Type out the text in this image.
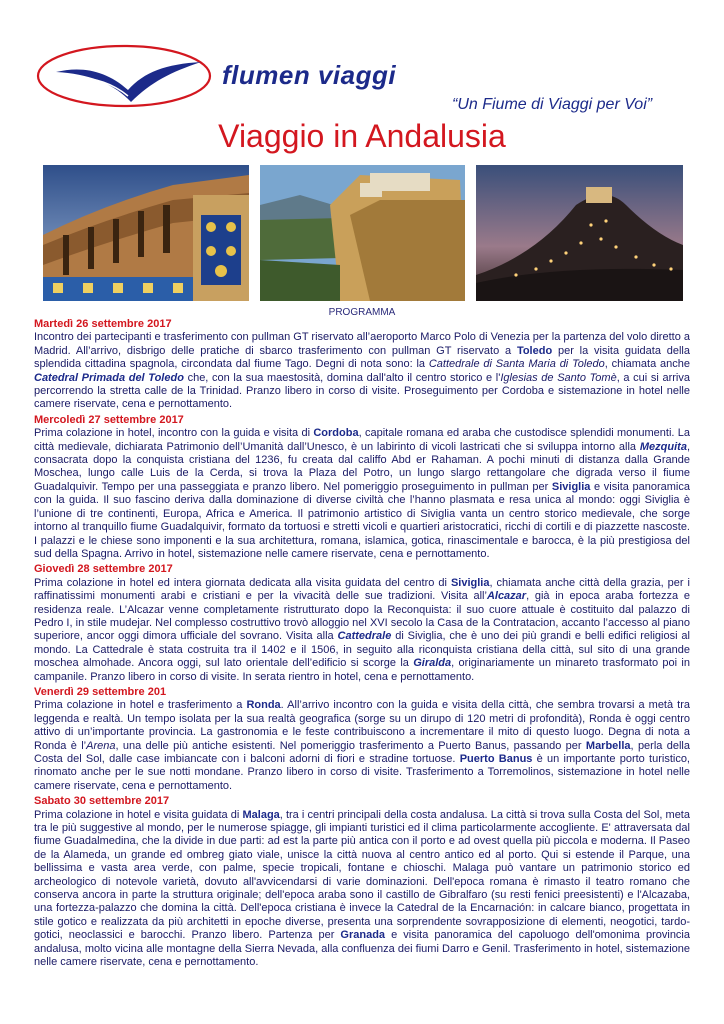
flumen viaggi
“Un Fiume di Viaggi per Voi”
Viaggio in Andalusia
PROGRAMMA
Martedì 26 settembre 2017

Incontro dei partecipanti e trasferimento con pullman GT riservato all’aeroporto Marco Polo di Venezia per la partenza del volo diretto a Madrid. All’arrivo, disbrigo delle pratiche di sbarco trasferimento con pullman GT riservato a Toledo per la visita guidata della splendida cittadina spagnola, circondata dal fiume Tago. Degni di nota sono: la Cattedrale di Santa Maria di Toledo, chiamata anche Catedral Primada del Toledo che, con la sua maestosità, domina dall'alto il centro storico e l'Iglesias de Santo Tomè, a cui si arriva percorrendo la stretta calle de la Trinidad. Pranzo libero in corso di visite. Proseguimento per Cordoba e sistemazione in hotel nelle camere riservate, cena e pernottamento.

Mercoledì 27 settembre 2017

Prima colazione in hotel, incontro con la guida e visita di Cordoba, capitale romana ed araba che custodisce splendidi monumenti. La città medievale, dichiarata Patrimonio dell’Umanità dall’Unesco, è un labirinto di vicoli lastricati che si sviluppa intorno alla Mezquita, consacrata dopo la conquista cristiana del 1236, fu creata dal califfo Abd er Rahaman. A pochi minuti di distanza dalla Grande Moschea, lungo calle Luis de la Cerda, si trova la Plaza del Potro, un lungo slargo rettangolare che digrada verso il fiume Guadalquivir. Tempo per una passeggiata e pranzo libero. Nel pomeriggio proseguimento in pullman per Siviglia e visita panoramica con la guida. Il suo fascino deriva dalla dominazione di diverse civiltà che l’hanno plasmata e resa unica al mondo: oggi Siviglia è l’unione di tre continenti, Europa, Africa e America. Il patrimonio artistico di Siviglia vanta un centro storico medievale, che sorge intorno al tranquillo fiume Guadalquivir, formato da tortuosi e stretti vicoli e quartieri aristocratici, ricchi di cortili e di piazzette nascoste. I palazzi e le chiese sono imponenti e la sua architettura, romana, islamica, gotica, rinascimentale e barocca, è la più prestigiosa del sud della Spagna. Arrivo in hotel, sistemazione nelle camere riservate, cena e pernottamento.

Giovedì 28 settembre 2017

Prima colazione in hotel ed intera giornata dedicata alla visita guidata del centro di Siviglia, chiamata anche città della grazia, per i raffinatissimi monumenti arabi e cristiani e per la vivacità delle sue tradizioni. Visita all’Alcazar, già in epoca araba fortezza e residenza reale. L’Alcazar venne completamente ristrutturato dopo la Reconquista: il suo cuore attuale è costituito dal palazzo di Pedro I, in stile mudejar. Nel complesso costruttivo trovò alloggio nel XVI secolo la Casa de la Contratacion, accanto l’accesso al piano superiore, ancor oggi dimora ufficiale del sovrano. Visita alla Cattedrale di Siviglia, che è uno dei più grandi e belli edifici religiosi al mondo. La Cattedrale è stata costruita tra il 1402 e il 1506, in seguito alla riconquista cristiana della città, sul sito di una grande moschea almohade. Ancora oggi, sul lato orientale dell’edificio si scorge la Giralda, originariamente un minareto trasformato poi in campanile. Pranzo libero in corso di visite. In serata rientro in hotel, cena e pernottamento.

Venerdì 29 settembre 201

Prima colazione in hotel e trasferimento a Ronda. All’arrivo incontro con la guida e visita della città, che sembra trovarsi a metà tra leggenda e realtà. Un tempo isolata per la sua realtà geografica (sorge su un dirupo di 120 metri di profondità), Ronda è oggi centro attivo di un’importante provincia. La gastronomia e le feste contribuiscono a incrementare il mito di questo luogo. Degna di nota a Ronda è l’Arena, una delle più antiche esistenti. Nel pomeriggio trasferimento a Puerto Banus, passando per Marbella, perla della Costa del Sol, dalle case imbiancate con i balconi adorni di fiori e stradine tortuose. Puerto Banus è un importante porto turistico, rinomato anche per le sue notti mondane. Pranzo libero in corso di visite. Trasferimento a Torremolinos, sistemazione in hotel nelle camere riservate, cena e pernottamento.

Sabato 30 settembre 2017

Prima colazione in hotel e visita guidata di Malaga, tra i centri principali della costa andalusa. La città si trova sulla Costa del Sol, meta tra le più suggestive al mondo, per le numerose spiagge, gli impianti turistici ed il clima particolarmente accogliente. E' attraversata dal fiume Guadalmedina, che la divide in due parti: ad est la parte più antica con il porto e ad ovest quella più piccola e moderna. Il Paseo de la Alameda, un grande ed ombreg giato viale, unisce la città nuova al centro antico ed al porto. Qui si estende il Parque, una bellissima e vasta area verde, con palme, specie tropicali, fontane e chioschi. Malaga può vantare un patrimonio storico ed archeologico di notevole varietà, dovuto all'avvicendarsi di varie dominazioni. Dell'epoca romana è rimasto il teatro romano che conserva ancora in parte la struttura originale; dell'epoca araba sono il castillo de Gibralfaro (su resti fenici preesistenti) e l'Alcazaba, una fortezza-palazzo che domina la città. Dell'epoca cristiana è invece la Catedral de la Encarnación: in calcare bianco, progettata in stile gotico e realizzata da più architetti in epoche diverse, presenta una sorprendente sovrapposizione di elementi, neogotici, tardo-gotici, neoclassici e barocchi. Pranzo libero. Partenza per Granada e visita panoramica del capoluogo dell'omonima provincia andalusa, molto vicina alle montagne della Sierra Nevada, alla confluenza dei fiumi Darro e Genil. Trasferimento in hotel, sistemazione nelle camere riservate, cena e pernottamento.
